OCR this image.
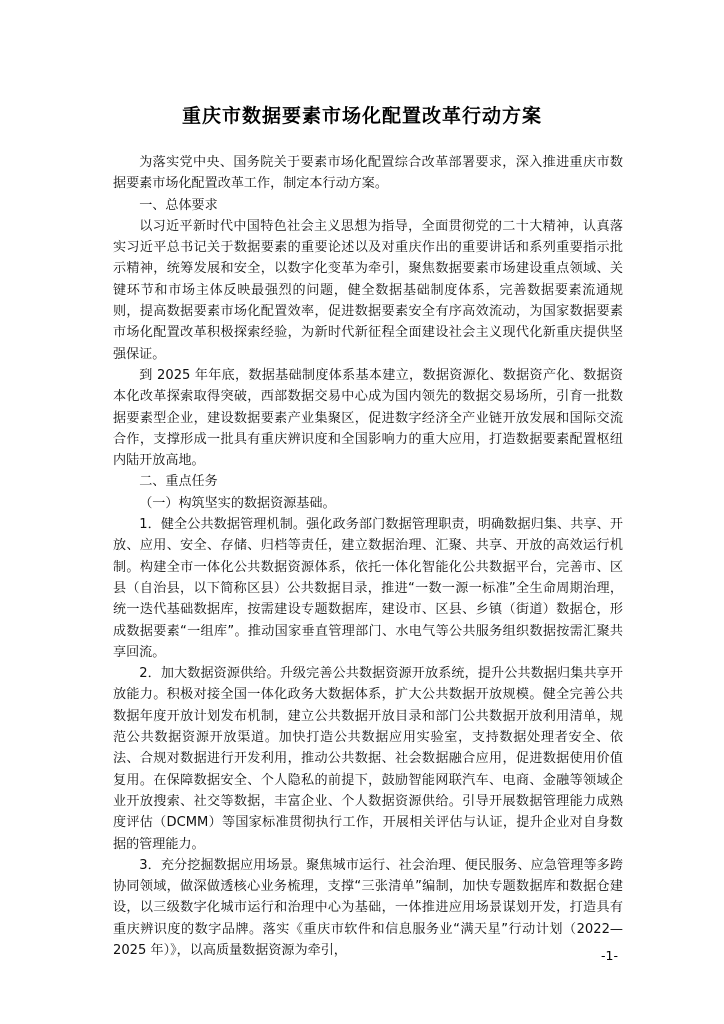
重庆市数据要素市场化配置改革行动方案

为落实党中央、国务院关于要素市场化配置综合改革部署要求，深入推进重庆市数据要素市场化配置改革工作，制定本行动方案。

一、总体要求

以习近平新时代中国特色社会主义思想为指导，全面贯彻党的二十大精神，认真落实习近平总书记关于数据要素的重要论述以及对重庆作出的重要讲话和系列重要指示批示精神，统筹发展和安全，以数字化变革为牵引，聚焦数据要素市场建设重点领域、关键环节和市场主体反映最强烈的问题，健全数据基础制度体系，完善数据要素流通规则，提高数据要素市场化配置效率，促进数据要素安全有序高效流动，为国家数据要素市场化配置改革积极探索经验，为新时代新征程全面建设社会主义现代化新重庆提供坚强保证。

到 2025 年年底，数据基础制度体系基本建立，数据资源化、数据资产化、数据资本化改革探索取得突破，西部数据交易中心成为国内领先的数据交易场所，引育一批数据要素型企业，建设数据要素产业集聚区，促进数字经济全产业链开放发展和国际交流合作，支撑形成一批具有重庆辨识度和全国影响力的重大应用，打造数据要素配置枢纽内陆开放高地。

二、重点任务

（一）构筑坚实的数据资源基础。

1．健全公共数据管理机制。强化政务部门数据管理职责，明确数据归集、共享、开放、应用、安全、存储、归档等责任，建立数据治理、汇聚、共享、开放的高效运行机制。构建全市一体化公共数据资源体系，依托一体化智能化公共数据平台，完善市、区县（自治县，以下简称区县）公共数据目录，推进“一数一源一标准”全生命周期治理，统一迭代基础数据库，按需建设专题数据库，建设市、区县、乡镇（街道）数据仓，形成数据要素“一组库”。推动国家垂直管理部门、水电气等公共服务组织数据按需汇聚共享回流。

2．加大数据资源供给。升级完善公共数据资源开放系统，提升公共数据归集共享开放能力。积极对接全国一体化政务大数据体系，扩大公共数据开放规模。健全完善公共数据年度开放计划发布机制，建立公共数据开放目录和部门公共数据开放利用清单，规范公共数据资源开放渠道。加快打造公共数据应用实验室，支持数据处理者安全、依法、合规对数据进行开发利用，推动公共数据、社会数据融合应用，促进数据使用价值复用。在保障数据安全、个人隐私的前提下，鼓励智能网联汽车、电商、金融等领域企业开放搜索、社交等数据，丰富企业、个人数据资源供给。引导开展数据管理能力成熟度评估（DCMM）等国家标准贯彻执行工作，开展相关评估与认证，提升企业对自身数据的管理能力。

3．充分挖掘数据应用场景。聚焦城市运行、社会治理、便民服务、应急管理等多跨协同领域，做深做透核心业务梳理，支撑“三张清单”编制，加快专题数据库和数据仓建设，以三级数字化城市运行和治理中心为基础，一体推进应用场景谋划开发，打造具有重庆辨识度的数字品牌。落实《重庆市软件和信息服务业“满天星”行动计划（2022—2025 年）》，以高质量数据资源为牵引，	-1-
